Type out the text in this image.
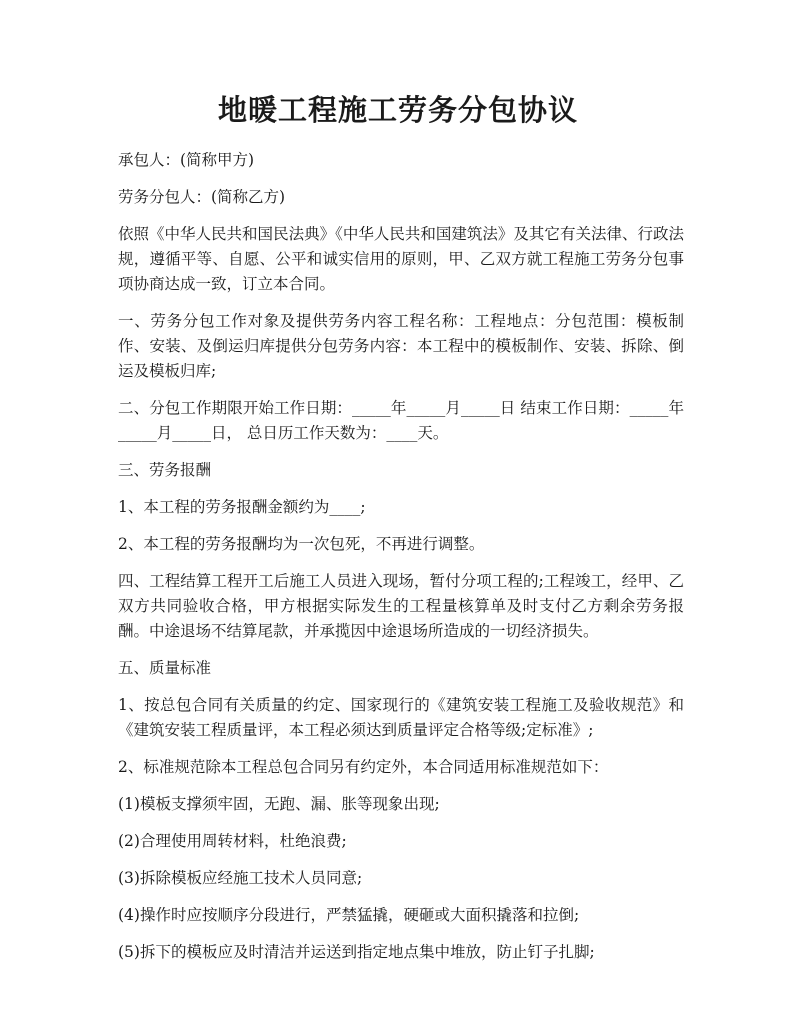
地暖工程施工劳务分包协议

承包人：(简称甲方)

劳务分包人：(简称乙方)

依照《中华人民共和国民法典》《中华人民共和国建筑法》及其它有关法律、行政法规，遵循平等、自愿、公平和诚实信用的原则，甲、乙双方就工程施工劳务分包事项协商达成一致，订立本合同。

一、劳务分包工作对象及提供劳务内容工程名称：工程地点：分包范围：模板制作、安装、及倒运归库提供分包劳务内容：本工程中的模板制作、安装、拆除、倒运及模板归库;

二、分包工作期限开始工作日期：_____年_____月_____日 结束工作日期：_____年_____月_____日， 总日历工作天数为：____天。

三、劳务报酬

1、本工程的劳务报酬金额约为____;

2、本工程的劳务报酬均为一次包死，不再进行调整。

四、工程结算工程开工后施工人员进入现场，暂付分项工程的;工程竣工，经甲、乙双方共同验收合格，甲方根据实际发生的工程量核算单及时支付乙方剩余劳务报酬。中途退场不结算尾款，并承揽因中途退场所造成的一切经济损失。

五、质量标准

1、按总包合同有关质量的约定、国家现行的《建筑安装工程施工及验收规范》和《建筑安装工程质量评，本工程必须达到质量评定合格等级;定标准》;

2、标准规范除本工程总包合同另有约定外，本合同适用标准规范如下：

(1)模板支撑须牢固，无跑、漏、胀等现象出现;

(2)合理使用周转材料，杜绝浪费;

(3)拆除模板应经施工技术人员同意;

(4)操作时应按顺序分段进行，严禁猛撬，硬砸或大面积撬落和拉倒;

(5)拆下的模板应及时清洁并运送到指定地点集中堆放，防止钉子扎脚;
